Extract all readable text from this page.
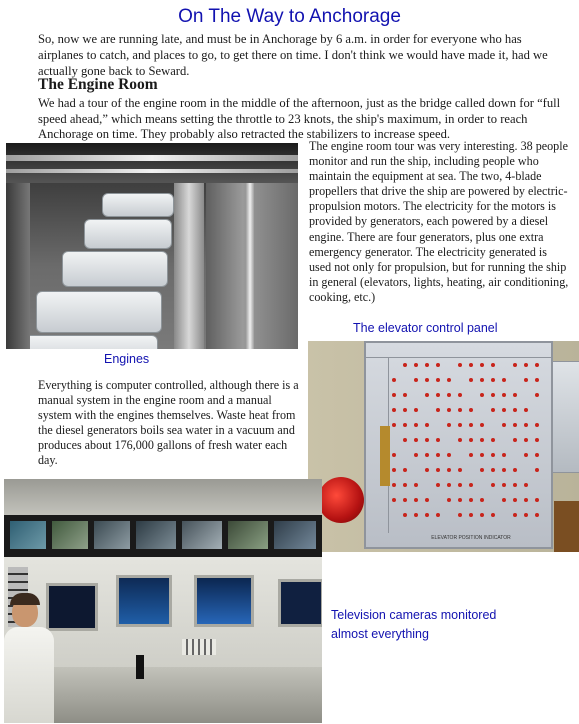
On The Way to Anchorage
So, now we are running late, and must be in Anchorage by 6 a.m. in order for everyone who has airplanes to catch, and places to go, to get there on time. I don't think we would have made it, had we actually gone back to Seward.
The Engine Room
We had a tour of the engine room in the middle of the afternoon, just as the bridge called down for “full speed ahead,” which means setting the throttle to 23 knots, the ship's maximum, in order to reach Anchorage on time. They probably also retracted the stabilizers to increase speed.
The engine room tour was very interesting. 38 people monitor and run the ship, including people who maintain the equipment at sea. The two, 4-blade propellers that drive the ship are powered by electric-propulsion motors. The electricity for the motors is provided by generators, each powered by a diesel engine. There are four generators, plus one extra emergency generator. The electricity generated is used not only for propulsion, but for running the ship in general (elevators, lights, heating, air conditioning, cooking, etc.)
Engines
The elevator control panel
ELEVATOR POSITION INDICATOR
Everything is computer controlled, although there is a manual system in the engine room and a manual system with the engines themselves. Waste heat from the diesel generators boils sea water in a vacuum and produces about 176,000 gallons of fresh water each day.
Television cameras monitored
almost everything
